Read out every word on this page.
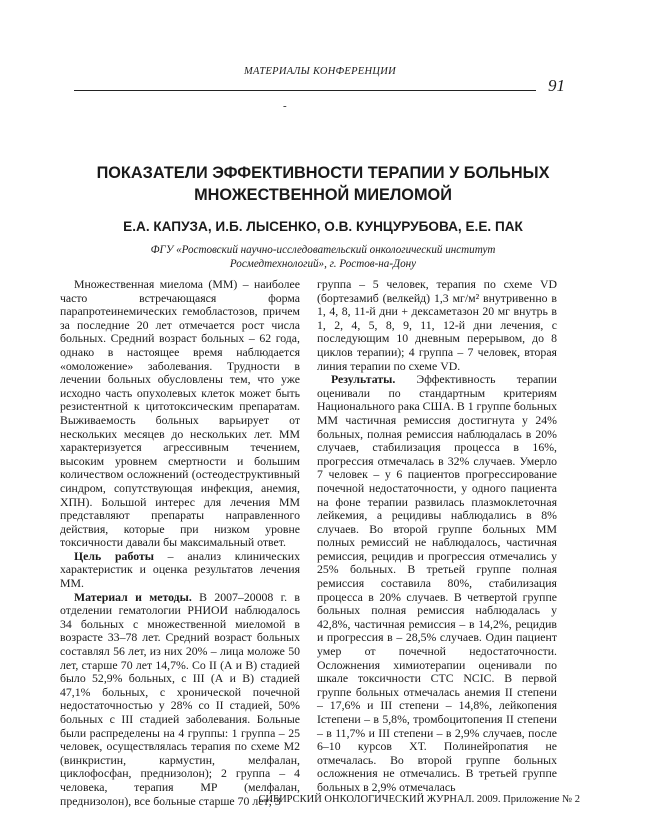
МАТЕРИАЛЫ КОНФЕРЕНЦИИ
91
-
ПОКАЗАТЕЛИ ЭФФЕКТИВНОСТИ ТЕРАПИИ У БОЛЬНЫХ
МНОЖЕСТВЕННОЙ МИЕЛОМОЙ
Е.А. КАПУЗА, И.Б. ЛЫСЕНКО, О.В. КУНЦУРУБОВА, Е.Е. ПАК
ФГУ «Ростовский научно-исследовательский онкологический институт
Росмедтехнологий», г. Ростов-на-Дону

Множественная миелома (ММ) – наиболее часто встречающаяся форма парапротеинемических гемобластозов, причем за последние 20 лет отмечается рост числа больных. Средний возраст больных – 62 года, однако в настоящее время наблюдается «омоложение» заболевания. Трудности в лечении больных обусловлены тем, что уже исходно часть опухолевых клеток может быть резистентной к цитотоксическим препаратам. Выживаемость больных варьирует от нескольких месяцев до нескольких лет. ММ характеризуется агрессивным течением, высоким уровнем смертности и большим количеством осложнений (остеодеструктивный синдром, сопутствующая инфекция, анемия, ХПН). Большой интерес для лечения ММ представляют препараты направленного действия, которые при низком уровне токсичности давали бы максимальный ответ.

Цель работы – анализ клинических характеристик и оценка результатов лечения ММ.

Материал и методы. В 2007–20008 г. в отделении гематологии РНИОИ наблюдалось 34 больных с множественной миеломой в возрасте 33–78 лет. Средний возраст больных составлял 56 лет, из них 20% – лица моложе 50 лет, старше 70 лет 14,7%. Со II (А и В) стадией было 52,9% больных, с III (А и В) стадией 47,1% больных, с хронической почечной недостаточностью у 28% со II стадией, 50% больных с III стадией заболевания. Больные были распределены на 4 группы: 1 группа – 25 человек, осуществлялась терапия по схеме М2 (винкристин, кармустин, мелфалан, циклофосфан, преднизолон); 2 группа – 4 человека, терапия МР (мелфалан, преднизолон), все больные старше 70 лет; 3

группа – 5 человек, терапия по схеме VD (бортезамиб (велкейд) 1,3 мг/м² внутривенно в 1, 4, 8, 11-й дни + дексаметазон 20 мг внутрь в 1, 2, 4, 5, 8, 9, 11, 12-й дни лечения, с последующим 10 дневным перерывом, до 8 циклов терапии); 4 группа – 7 человек, вторая линия терапии по схеме VD.

Результаты. Эффективность терапии оценивали по стандартным критериям Национального рака США. В 1 группе больных ММ частичная ремиссия достигнута у 24% больных, полная ремиссия наблюдалась в 20% случаев, стабилизация процесса в 16%, прогрессия отмечалась в 32% случаев. Умерло 7 человек – у 6 пациентов прогрессирование почечной недостаточности, у одного пациента на фоне терапии развилась плазмоклеточная лейкемия, а рецидивы наблюдались в 8% случаев. Во второй группе больных ММ полных ремиссий не наблюдалось, частичная ремиссия, рецидив и прогрессия отмечались у 25% больных. В третьей группе полная ремиссия составила 80%, стабилизация процесса в 20% случаев. В четвертой группе больных полная ремиссия наблюдалась у 42,8%, частичная ремиссия – в 14,2%, рецидив и прогрессия в – 28,5% случаев. Один пациент умер от почечной недостаточности. Осложнения химиотерапии оценивали по шкале токсичности СТС NCIC. В первой группе больных отмечалась анемия II степени – 17,6% и III степени – 14,8%, лейкопения Iстепени – в 5,8%, тромбоцитопения II степени – в 11,7% и III степени – в 2,9% случаев, после 6–10 курсов ХТ. Полинейропатия не отмечалась. Во второй группе больных осложнения не отмечались. В третьей группе больных в 2,9% отмечалась

СИБИРСКИЙ ОНКОЛОГИЧЕСКИЙ ЖУРНАЛ. 2009. Приложение № 2
